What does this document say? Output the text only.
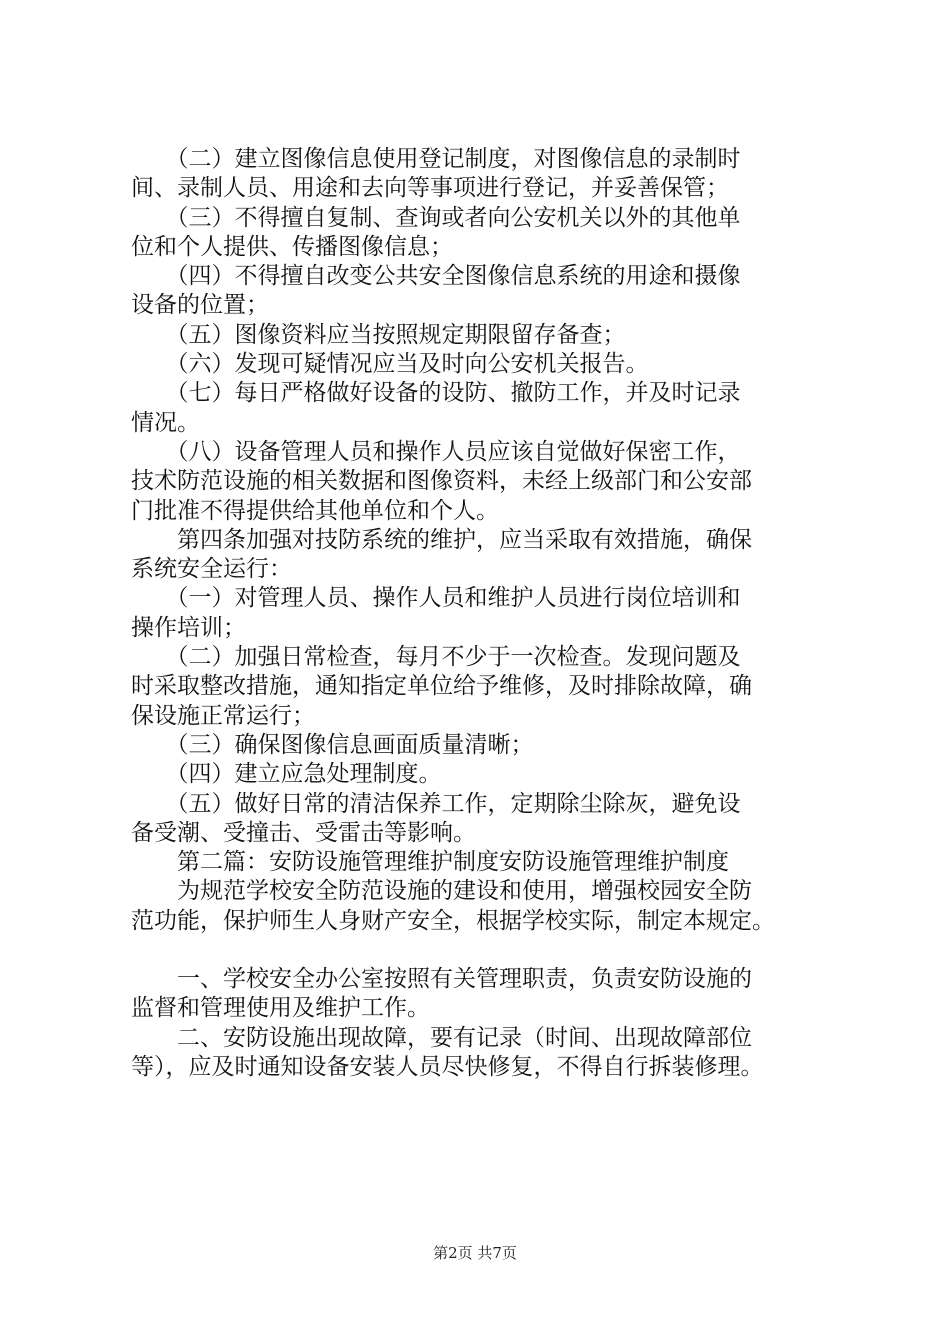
　　（二）建立图像信息使用登记制度，对图像信息的录制时
间、录制人员、用途和去向等事项进行登记，并妥善保管；

　　（三）不得擅自复制、查询或者向公安机关以外的其他单
位和个人提供、传播图像信息；

　　（四）不得擅自改变公共安全图像信息系统的用途和摄像
设备的位置；

　　（五）图像资料应当按照规定期限留存备查；

　　（六）发现可疑情况应当及时向公安机关报告。

　　（七）每日严格做好设备的设防、撤防工作，并及时记录
情况。

　　（八）设备管理人员和操作人员应该自觉做好保密工作，
技术防范设施的相关数据和图像资料，未经上级部门和公安部
门批准不得提供给其他单位和个人。

　　第四条加强对技防系统的维护，应当采取有效措施，确保
系统安全运行：

　　（一）对管理人员、操作人员和维护人员进行岗位培训和
操作培训；

　　（二）加强日常检查，每月不少于一次检查。发现问题及
时采取整改措施，通知指定单位给予维修，及时排除故障，确
保设施正常运行；

　　（三）确保图像信息画面质量清晰；

　　（四）建立应急处理制度。

　　（五）做好日常的清洁保养工作，定期除尘除灰，避免设
备受潮、受撞击、受雷击等影响。

　　第二篇：安防设施管理维护制度安防设施管理维护制度

　　为规范学校安全防范设施的建设和使用，增强校园安全防
范功能，保护师生人身财产安全，根据学校实际，制定本规定。

　　一、学校安全办公室按照有关管理职责，负责安防设施的
监督和管理使用及维护工作。

　　二、安防设施出现故障，要有记录（时间、出现故障部位
等），应及时通知设备安装人员尽快修复，不得自行拆装修理。

第2页 共7页
